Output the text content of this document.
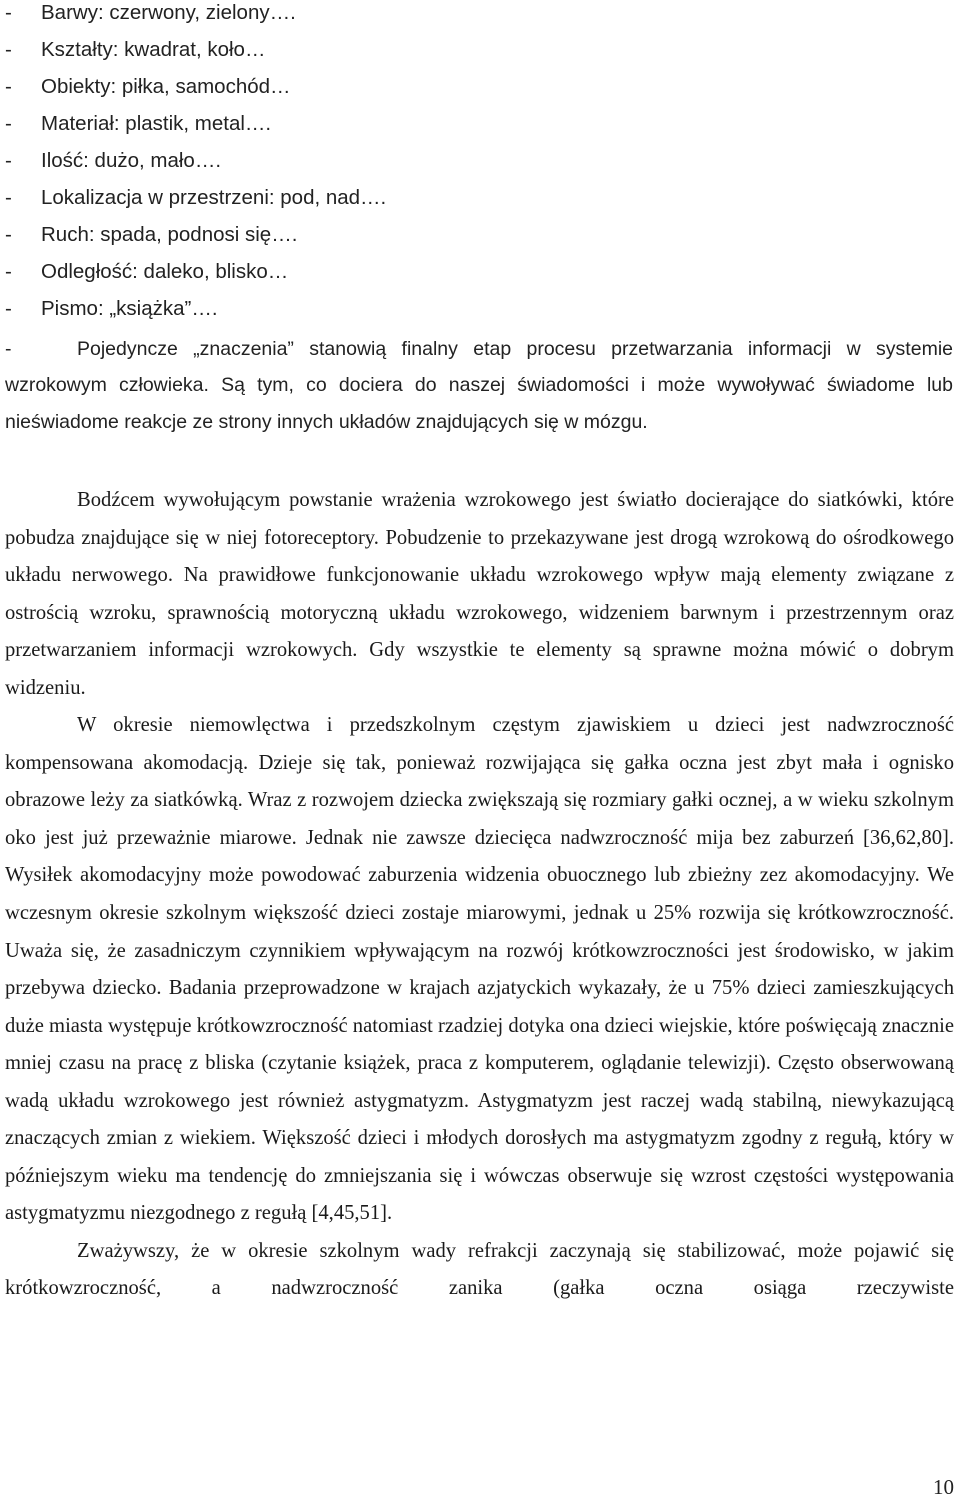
- Barwy: czerwony, zielony….
- Kształty: kwadrat, koło…
- Obiekty: piłka, samochód…
- Materiał: plastik, metal….
- Ilość: dużo, mało….
- Lokalizacja w przestrzeni: pod, nad….
- Ruch: spada, podnosi się….
- Odległość: daleko, blisko…
- Pismo: „książka”….

-	Pojedyncze „znaczenia” stanowią finalny etap procesu przetwarzania informacji w systemie wzrokowym człowieka. Są tym, co dociera do naszej świadomości i może wywoływać świadome lub nieświadome reakcje ze strony innych układów znajdujących się w mózgu.

Bodźcem wywołującym powstanie wrażenia wzrokowego jest światło docierające do siatkówki, które pobudza znajdujące się w niej fotoreceptory. Pobudzenie to przekazywane jest drogą wzrokową do ośrodkowego układu nerwowego. Na prawidłowe funkcjonowanie układu wzrokowego wpływ mają elementy związane z ostrością wzroku, sprawnością motoryczną układu wzrokowego, widzeniem barwnym i przestrzennym oraz przetwarzaniem informacji wzrokowych. Gdy wszystkie te elementy są sprawne można mówić o dobrym widzeniu.

W okresie niemowlęctwa i przedszkolnym częstym zjawiskiem u dzieci jest nadwzroczność kompensowana akomodacją. Dzieje się tak, ponieważ rozwijająca się gałka oczna jest zbyt mała i ognisko obrazowe leży za siatkówką. Wraz z rozwojem dziecka zwiększają się rozmiary gałki ocznej, a w wieku szkolnym oko jest już przeważnie miarowe. Jednak nie zawsze dziecięca nadwzroczność mija bez zaburzeń [36,62,80]. Wysiłek akomodacyjny może powodować zaburzenia widzenia obuocznego lub zbieżny zez akomodacyjny. We wczesnym okresie szkolnym większość dzieci zostaje miarowymi, jednak u 25% rozwija się krótkowzroczność. Uważa się, że zasadniczym czynnikiem wpływającym na rozwój krótkowzroczności jest środowisko, w jakim przebywa dziecko. Badania przeprowadzone w krajach azjatyckich wykazały, że u 75% dzieci zamieszkujących duże miasta występuje krótkowzroczność natomiast rzadziej dotyka ona dzieci wiejskie, które poświęcają znacznie mniej czasu na pracę z bliska (czytanie książek, praca z komputerem, oglądanie telewizji). Często obserwowaną wadą układu wzrokowego jest również astygmatyzm. Astygmatyzm jest raczej wadą stabilną, niewykazującą znaczących zmian z wiekiem. Większość dzieci i młodych dorosłych ma astygmatyzm zgodny z regułą, który w późniejszym wieku ma tendencję do zmniejszania się i wówczas obserwuje się wzrost częstości występowania astygmatyzmu niezgodnego z regułą [4,45,51].

Zważywszy, że w okresie szkolnym wady refrakcji zaczynają się stabilizować, może pojawić się krótkowzroczność, a nadwzroczność zanika (gałka oczna osiąga rzeczywiste

10
